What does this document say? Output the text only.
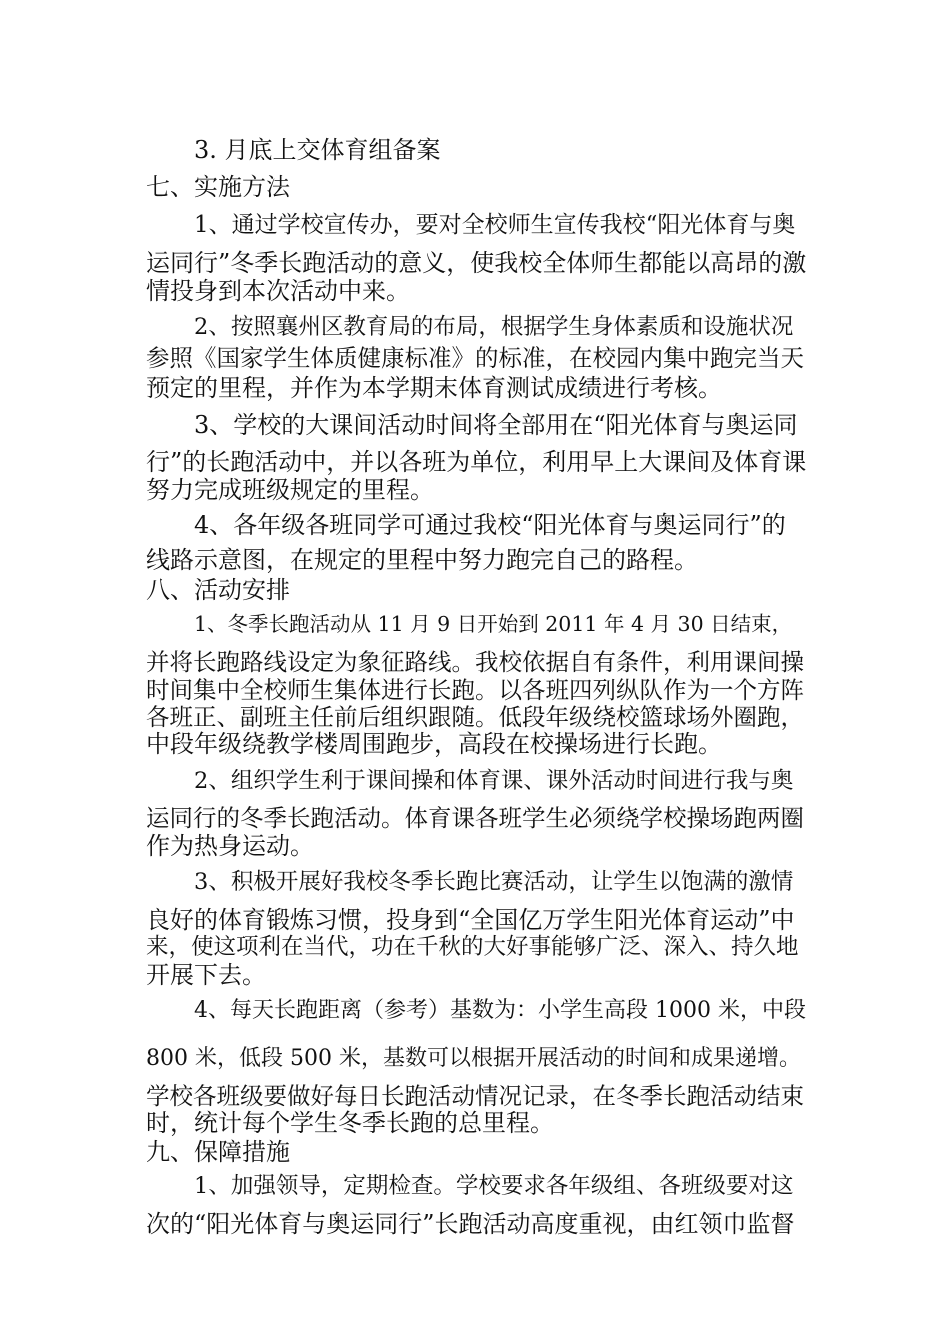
3. 月底上交体育组备案
七、实施方法
1、通过学校宣传办，要对全校师生宣传我校“阳光体育与奥
运同行”冬季长跑活动的意义，使我校全体师生都能以高昂的激
情投身到本次活动中来。
2、按照襄州区教育局的布局，根据学生身体素质和设施状况
参照《国家学生体质健康标准》的标准，在校园内集中跑完当天
预定的里程，并作为本学期末体育测试成绩进行考核。
3、学校的大课间活动时间将全部用在“阳光体育与奥运同
行”的长跑活动中，并以各班为单位，利用早上大课间及体育课
努力完成班级规定的里程。
4、各年级各班同学可通过我校“阳光体育与奥运同行”的
线路示意图，在规定的里程中努力跑完自己的路程。
八、活动安排
1、冬季长跑活动从 11 月 9 日开始到 2011 年 4 月 30 日结束，
并将长跑路线设定为象征路线。我校依据自有条件，利用课间操
时间集中全校师生集体进行长跑。以各班四列纵队作为一个方阵
各班正、副班主任前后组织跟随。低段年级绕校篮球场外圈跑，
中段年级绕教学楼周围跑步，高段在校操场进行长跑。
2、组织学生利于课间操和体育课、课外活动时间进行我与奥
运同行的冬季长跑活动。体育课各班学生必须绕学校操场跑两圈
作为热身运动。
3、积极开展好我校冬季长跑比赛活动，让学生以饱满的激情
良好的体育锻炼习惯，投身到“全国亿万学生阳光体育运动”中
来，使这项利在当代，功在千秋的大好事能够广泛、深入、持久地
开展下去。
4、每天长跑距离（参考）基数为：小学生高段 1000 米，中段
800 米，低段 500 米，基数可以根据开展活动的时间和成果递增。
学校各班级要做好每日长跑活动情况记录，在冬季长跑活动结束
时，统计每个学生冬季长跑的总里程。
九、保障措施
1、加强领导，定期检查。学校要求各年级组、各班级要对这
次的“阳光体育与奥运同行”长跑活动高度重视，由红领巾监督
